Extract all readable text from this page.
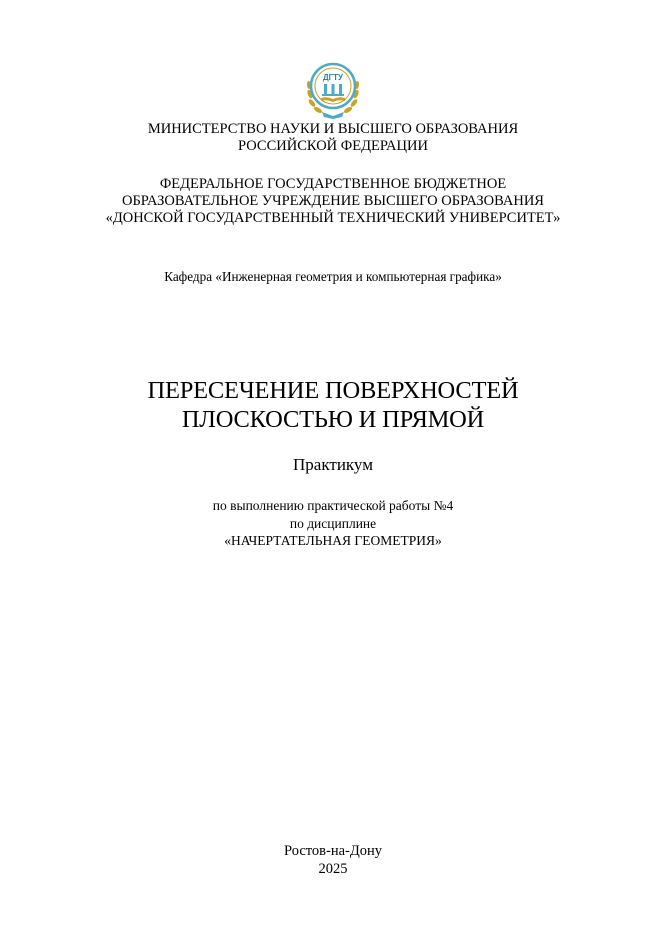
ДГТУ
МИНИСТЕРСТВО НАУКИ И ВЫСШЕГО ОБРАЗОВАНИЯ
РОССИЙСКОЙ ФЕДЕРАЦИИ
ФЕДЕРАЛЬНОЕ ГОСУДАРСТВЕННОЕ БЮДЖЕТНОЕ
ОБРАЗОВАТЕЛЬНОЕ УЧРЕЖДЕНИЕ ВЫСШЕГО ОБРАЗОВАНИЯ
«ДОНСКОЙ ГОСУДАРСТВЕННЫЙ ТЕХНИЧЕСКИЙ УНИВЕРСИТЕТ»
Кафедра «Инженерная геометрия и компьютерная графика»
ПЕРЕСЕЧЕНИЕ ПОВЕРХНОСТЕЙ
ПЛОСКОСТЬЮ И ПРЯМОЙ
Практикум
по выполнению практической работы №4
по дисциплине
«НАЧЕРТАТЕЛЬНАЯ ГЕОМЕТРИЯ»
Ростов-на-Дону
2025
